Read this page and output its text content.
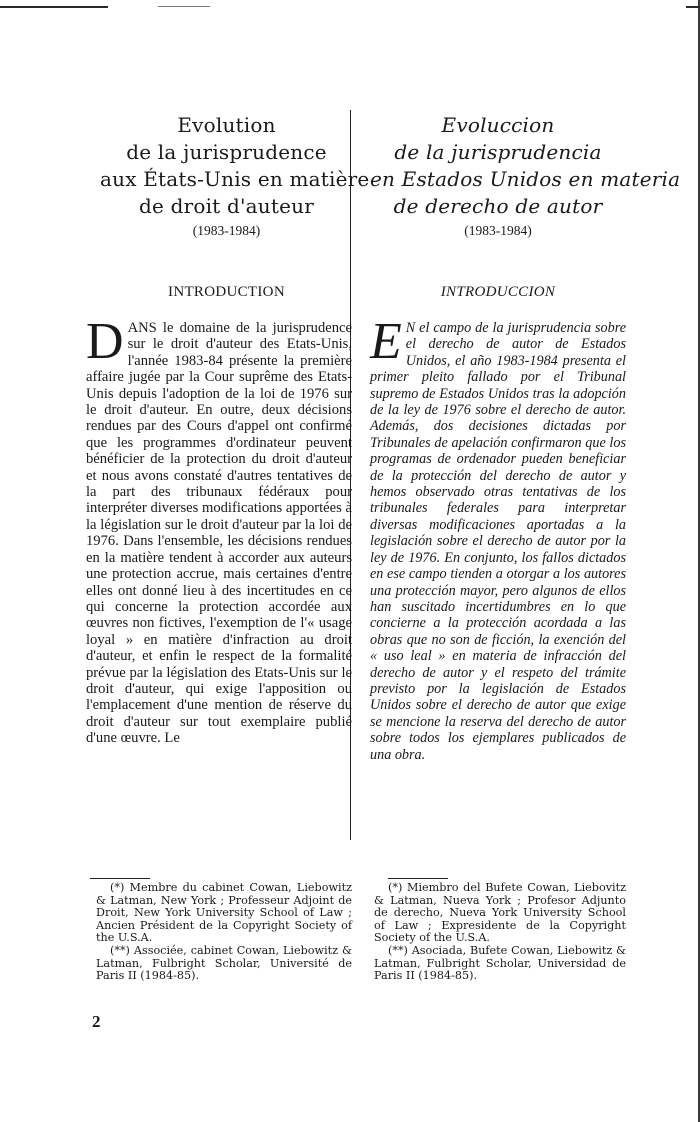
Evolution
de la jurisprudence
aux États-Unis en matière
de droit d'auteur
(1983-1984)
Evoluccion
de la jurisprudencia
en Estados Unidos en materia
de derecho de autor
(1983-1984)
INTRODUCTION	INTRODUCCION
DANS le domaine de la jurisprudence sur le droit d'auteur des Etats-Unis, l'année 1983-84 présente la première affaire jugée par la Cour suprême des Etats-Unis depuis l'adoption de la loi de 1976 sur le droit d'auteur. En outre, deux décisions rendues par des Cours d'appel ont confirmé que les programmes d'ordinateur peuvent bénéficier de la protection du droit d'auteur et nous avons constaté d'autres tentatives de la part des tribunaux fédéraux pour interpréter diverses modifications apportées à la législation sur le droit d'auteur par la loi de 1976. Dans l'ensemble, les décisions rendues en la matière tendent à accorder aux auteurs une protection accrue, mais certaines d'entre elles ont donné lieu à des incertitudes en ce qui concerne la protection accordée aux œuvres non fictives, l'exemption de l'« usage loyal » en matière d'infraction au droit d'auteur, et enfin le respect de la formalité prévue par la législation des Etats-Unis sur le droit d'auteur, qui exige l'apposition ou l'emplacement d'une mention de réserve du droit d'auteur sur tout exemplaire publié d'une œuvre. Le
E N el campo de la jurisprudencia sobre el derecho de autor de Estados Unidos, el año 1983-1984 presenta el primer pleito fallado por el Tribunal supremo de Estados Unidos tras la adopción de la ley de 1976 sobre el derecho de autor. Además, dos decisiones dictadas por Tribunales de apelación confirmaron que los programas de ordenador pueden beneficiar de la protección del derecho de autor y hemos observado otras tentativas de los tribunales federales para interpretar diversas modificaciones aportadas a la legislación sobre el derecho de autor por la ley de 1976. En conjunto, los fallos dictados en ese campo tienden a otorgar a los autores una protección mayor, pero algunos de ellos han suscitado incertidumbres en lo que concierne a la protección acordada a las obras que no son de ficción, la exención del « uso leal » en materia de infracción del derecho de autor y el respeto del trámite previsto por la legislación de Estados Unidos sobre el derecho de autor que exige se mencione la reserva del derecho de autor sobre todos los ejemplares publicados de una obra.

(*) Membre du cabinet Cowan, Liebowitz & Latman, New York ; Professeur Adjoint de Droit, New York University School of Law ; Ancien Président de la Copyright Society of the U.S.A.

(**) Associée, cabinet Cowan, Liebowitz & Latman, Fulbright Scholar, Université de Paris II (1984-85).

(*) Miembro del Bufete Cowan, Liebovitz & Latman, Nueva York ; Profesor Adjunto de derecho, Nueva York University School of Law ; Expresidente de la Copyright Society of the U.S.A.

(**) Asociada, Bufete Cowan, Liebowitz & Latman, Fulbright Scholar, Universidad de Paris II (1984-85).

2
